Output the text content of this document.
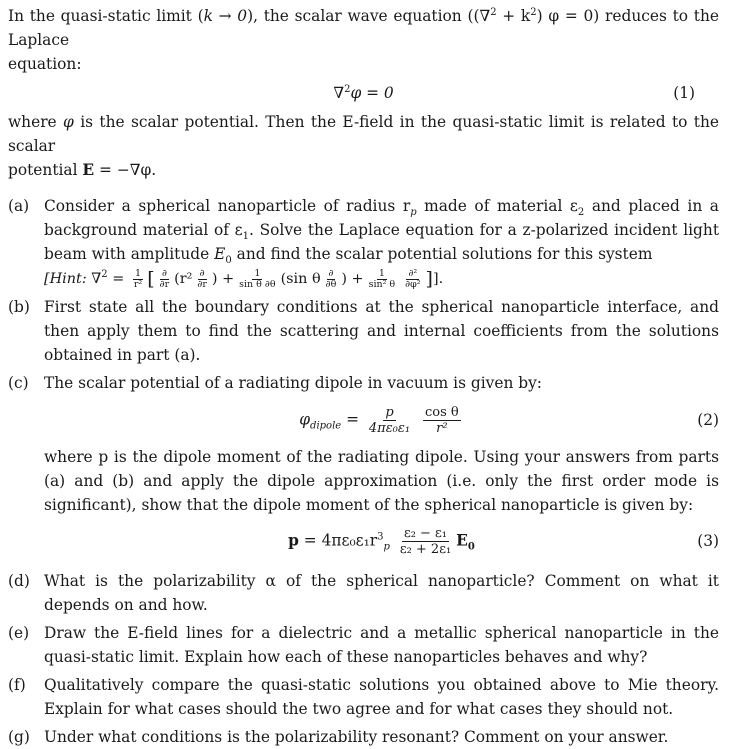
In the quasi-static limit (k → 0), the scalar wave equation ($(\nabla^2 + k^2)$ φ = 0) reduces to the Laplace
equation:

∇$^2$φ = 0	(1)

where φ is the scalar potential. Then the E-field in the quasi-static limit is related to the scalar
potential E = −∇φ.

(a) Consider a spherical nanoparticle of radius $r_p$ made of material $\varepsilon_2$ and placed in a background material of $\varepsilon_1$. Solve the Laplace equation for a z-polarized incident light beam with amplitude $E_0$ and find the scalar potential solutions for this system
[Hint: $\nabla^2 = \frac{1}{\text{r²}}$ [ $\frac{\partial}{\partial r} (r^2 \frac{\partial}{\partial r}$ ) + $\frac{1}{\text{sin θ ∂θ}} (\sin$ θ $\frac{\partial}{\partial\theta}$ ) + $\frac{1}{\text{sin² θ}} \frac{\text{∂²}}{\text{∂φ²}}$ ]].
(b) First state all the boundary conditions at the spherical nanoparticle interface, and then apply them to find the scattering and internal coefficients from the solutions obtained in part (a).
(c) The scalar potential of a radiating dipole in vacuum is given by:
$\varphi_{dipole} = \frac{p}{\text{4πε₀ε₁}}$
$\frac{\text{cos θ}}{\text{r²}}$	(2)
where p is the dipole moment of the radiating dipole. Using your answers from parts (a) and (b) and apply the dipole approximation (i.e. only the first order mode is significant), show that the dipole moment of the spherical nanoparticle is given by:
$p = 4\pi\varepsilon_0\varepsilon_1r^3_p \frac{\text{ε₂ − ε₁}}{\text{ε₂ + 2ε₁}} E_0$	(3)
(d) What is the polarizability α of the spherical nanoparticle? Comment on what it depends on and how.
(e) Draw the E-field lines for a dielectric and a metallic spherical nanoparticle in the quasi-static limit. Explain how each of these nanoparticles behaves and why?
(f)	Qualitatively compare the quasi-static solutions you obtained above to Mie theory. Explain for what cases should the two agree and for what cases they should not.
(g) Under what conditions is the polarizability resonant? Comment on your answer.
